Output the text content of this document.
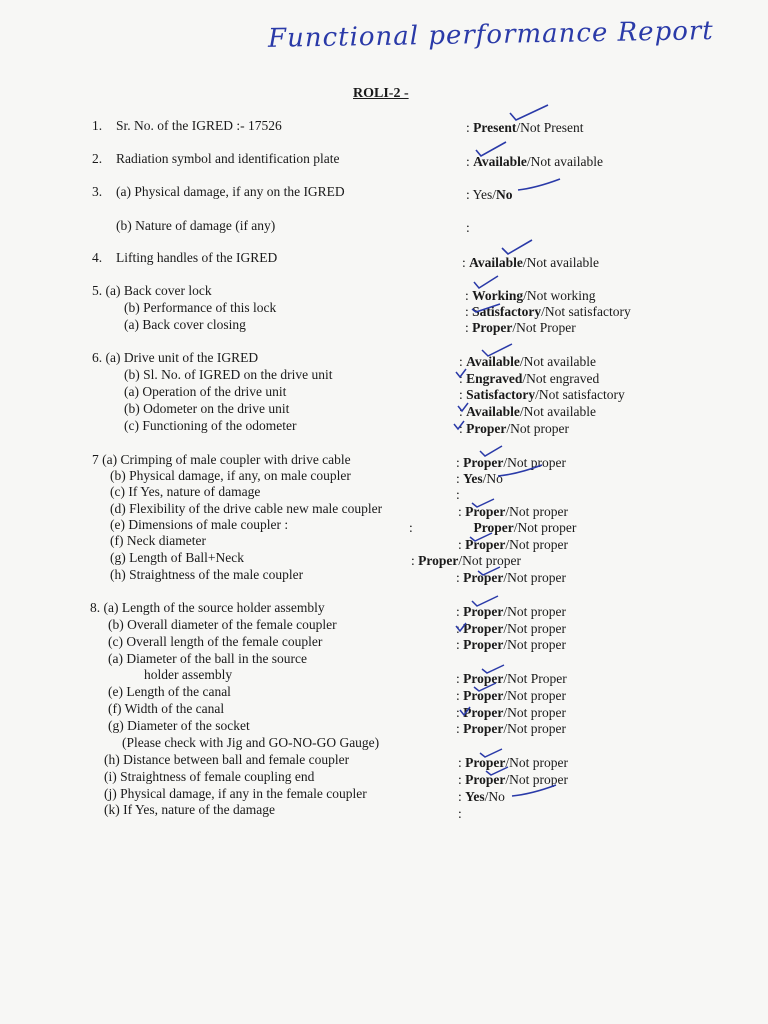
Functional performance Report
ROLI-2 -
1. Sr. No. of the IGRED :- 17526	: Present/Not Present
2. Radiation symbol and identification plate	: Available/Not available
3. (a) Physical damage, if any on the IGRED	: Yes/No
(b) Nature of damage (if any)	:
4. Lifting handles of the IGRED	: Available/Not available
5. (a) Back cover lock	: Working/Not working
(b) Performance of this lock	: Satisfactory/Not satisfactory
(a) Back cover closing	: Proper/Not Proper
6. (a) Drive unit of the IGRED	: Available/Not available
(b) Sl. No. of IGRED on the drive unit	: Engraved/Not engraved
(a) Operation of the drive unit	: Satisfactory/Not satisfactory
(b) Odometer on the drive unit	: Available/Not available
(c) Functioning of the odometer	: Proper/Not proper
7 (a) Crimping of male coupler with drive cable	: Proper/Not proper
(b) Physical damage, if any, on male coupler	: Yes/No
(c) If Yes, nature of damage	:
(d) Flexibility of the drive cable new male coupler	: Proper/Not proper
(e) Dimensions of male coupler :	:                  Proper/Not proper
(f) Neck diameter	: Proper/Not proper
(g) Length of Ball+Neck	: Proper/Not proper
(h) Straightness of the male coupler	: Proper/Not proper
8. (a) Length of the source holder assembly	: Proper/Not proper
(b) Overall diameter of the female coupler	: Proper/Not proper
(c) Overall length of the female coupler	: Proper/Not proper
(a) Diameter of the ball in the source
holder assembly	: Proper/Not Proper
(e) Length of the canal	: Proper/Not proper
(f) Width of the canal	: Proper/Not proper
(g) Diameter of the socket	: Proper/Not proper
(Please check with Jig and GO-NO-GO Gauge)
(h) Distance between ball and female coupler	: Proper/Not proper
(i) Straightness of female coupling end	: Proper/Not proper
(j) Physical damage, if any in the female coupler	: Yes/No
(k) If Yes, nature of the damage	:
